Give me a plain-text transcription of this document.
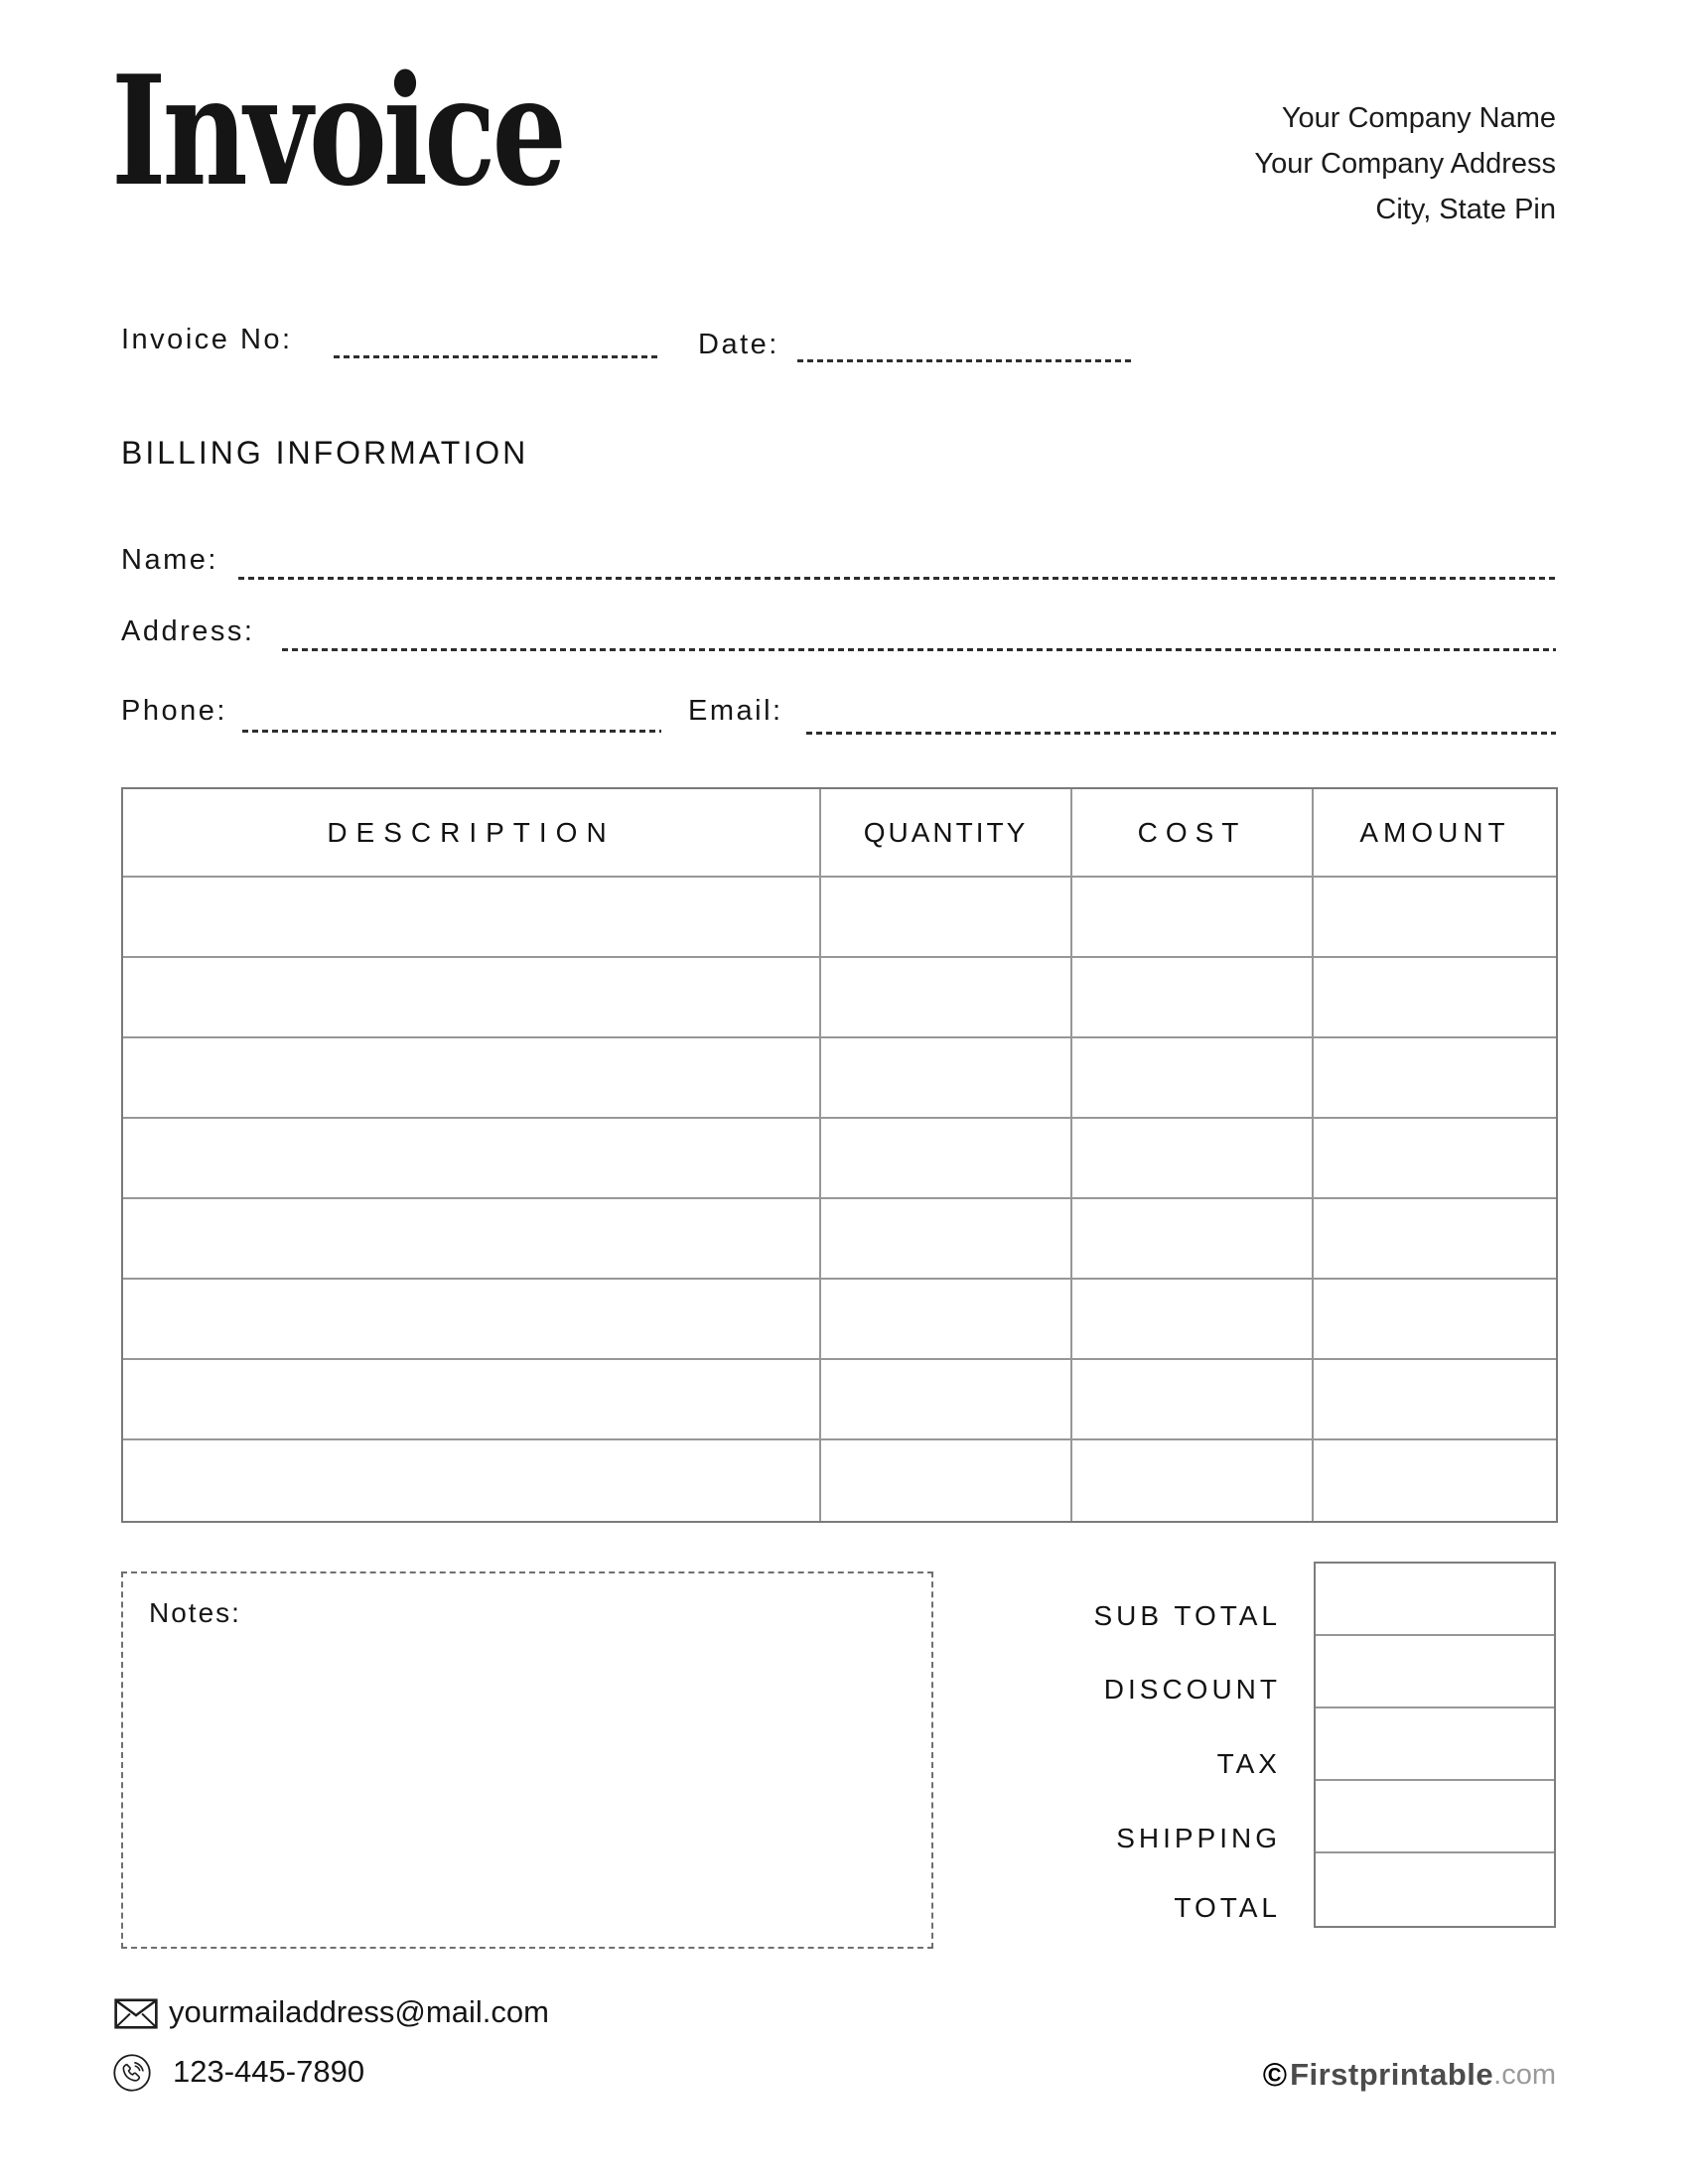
Invoice	Your Company Name
Your Company Address
City, State Pin
Invoice No:	Date:
BILLING INFORMATION
Name:
Address:
Phone:	Email:
DESCRIPTION	QUANTITY	COST	AMOUNT
Notes:	SUB TOTAL
DISCOUNT
TAX
SHIPPING
TOTAL
yourmailaddress@mail.com
123-445-7890	© Firstprintable .com
